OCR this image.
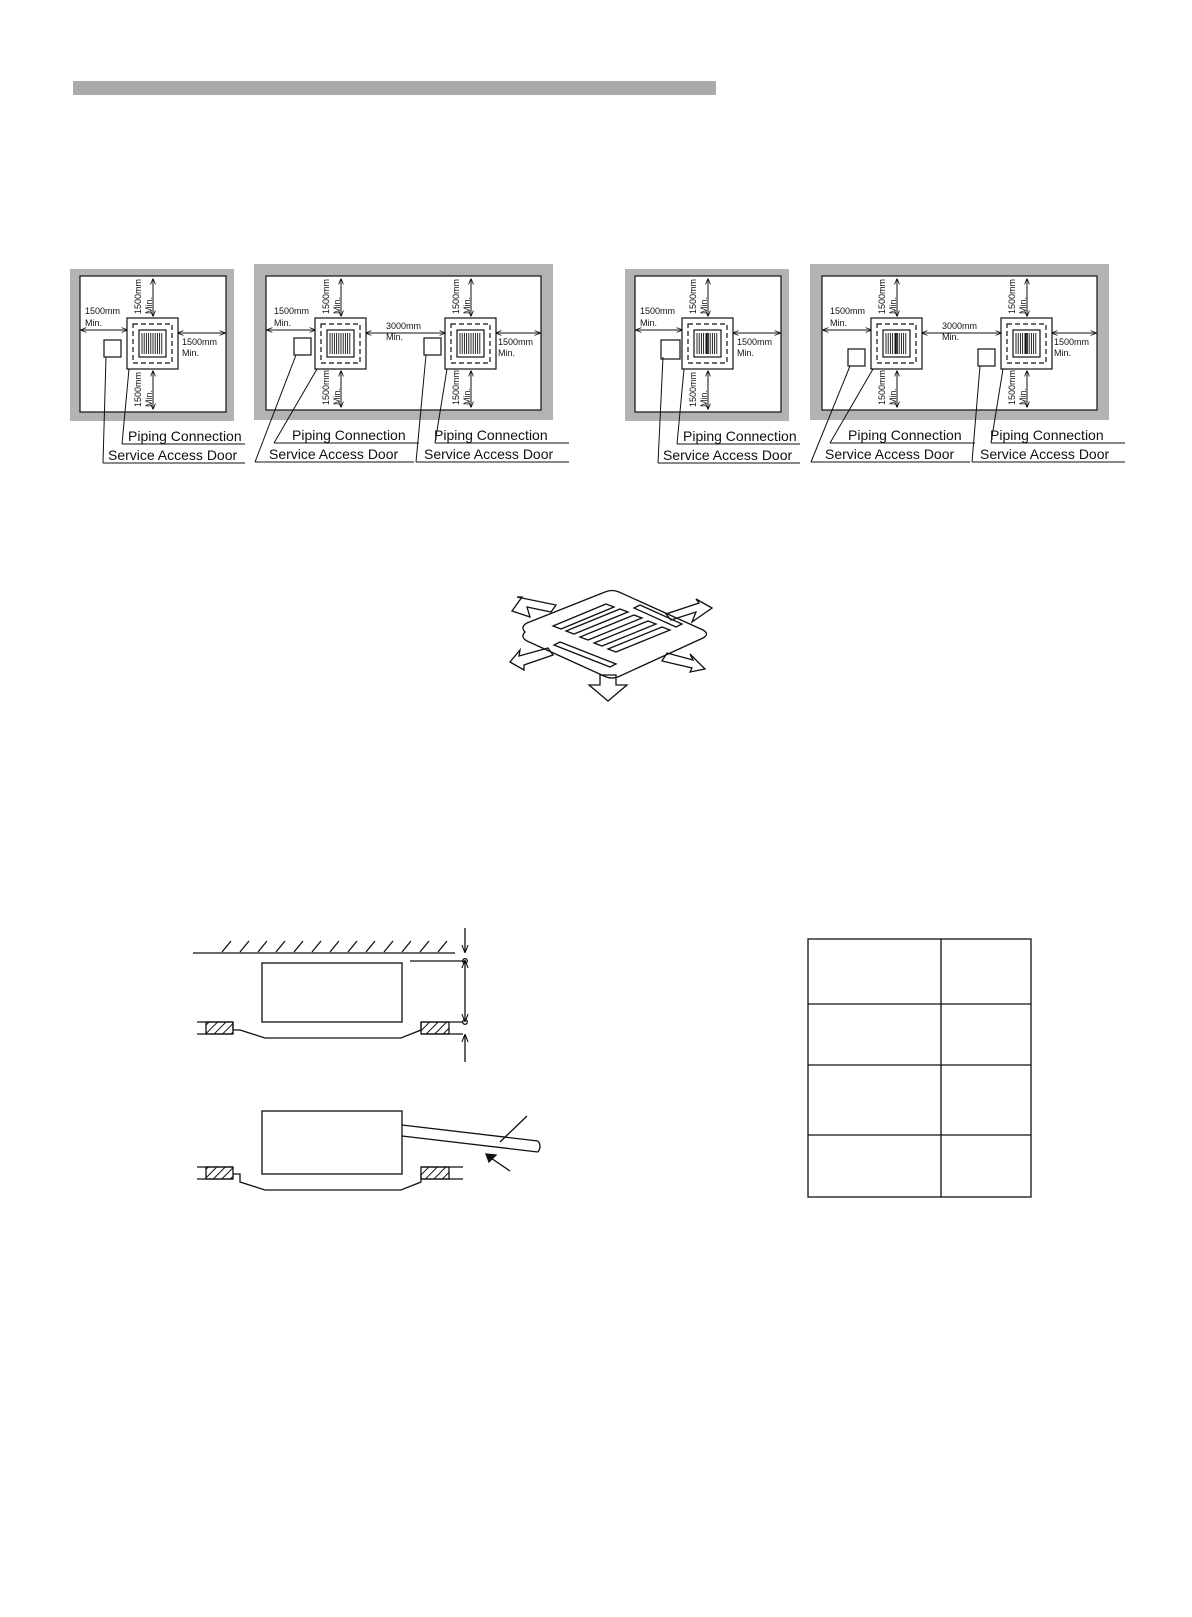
1500mm
Min.
1500mm
Min.
1500mm Min.
1500mm Min.
Piping Connection
Service Access Door
1500mm
Min.	3000mm
Min.	1500mm
Min.
1500mm Min.
1500mm Min.
1500mm Min.
1500mm Min.
Piping Connection
Service Access Door
Piping Connection
Service Access Door
1500mm
Min.
1500mm
Min.
1500mm Min.
1500mm Min.
Piping Connection
Service Access Door
1500mm
Min.	3000mm
Min.	1500mm
Min.
1500mm Min.
1500mm Min.
1500mm Min.
1500mm Min.
Piping Connection
Service Access Door
Piping Connection
Service Access Door
